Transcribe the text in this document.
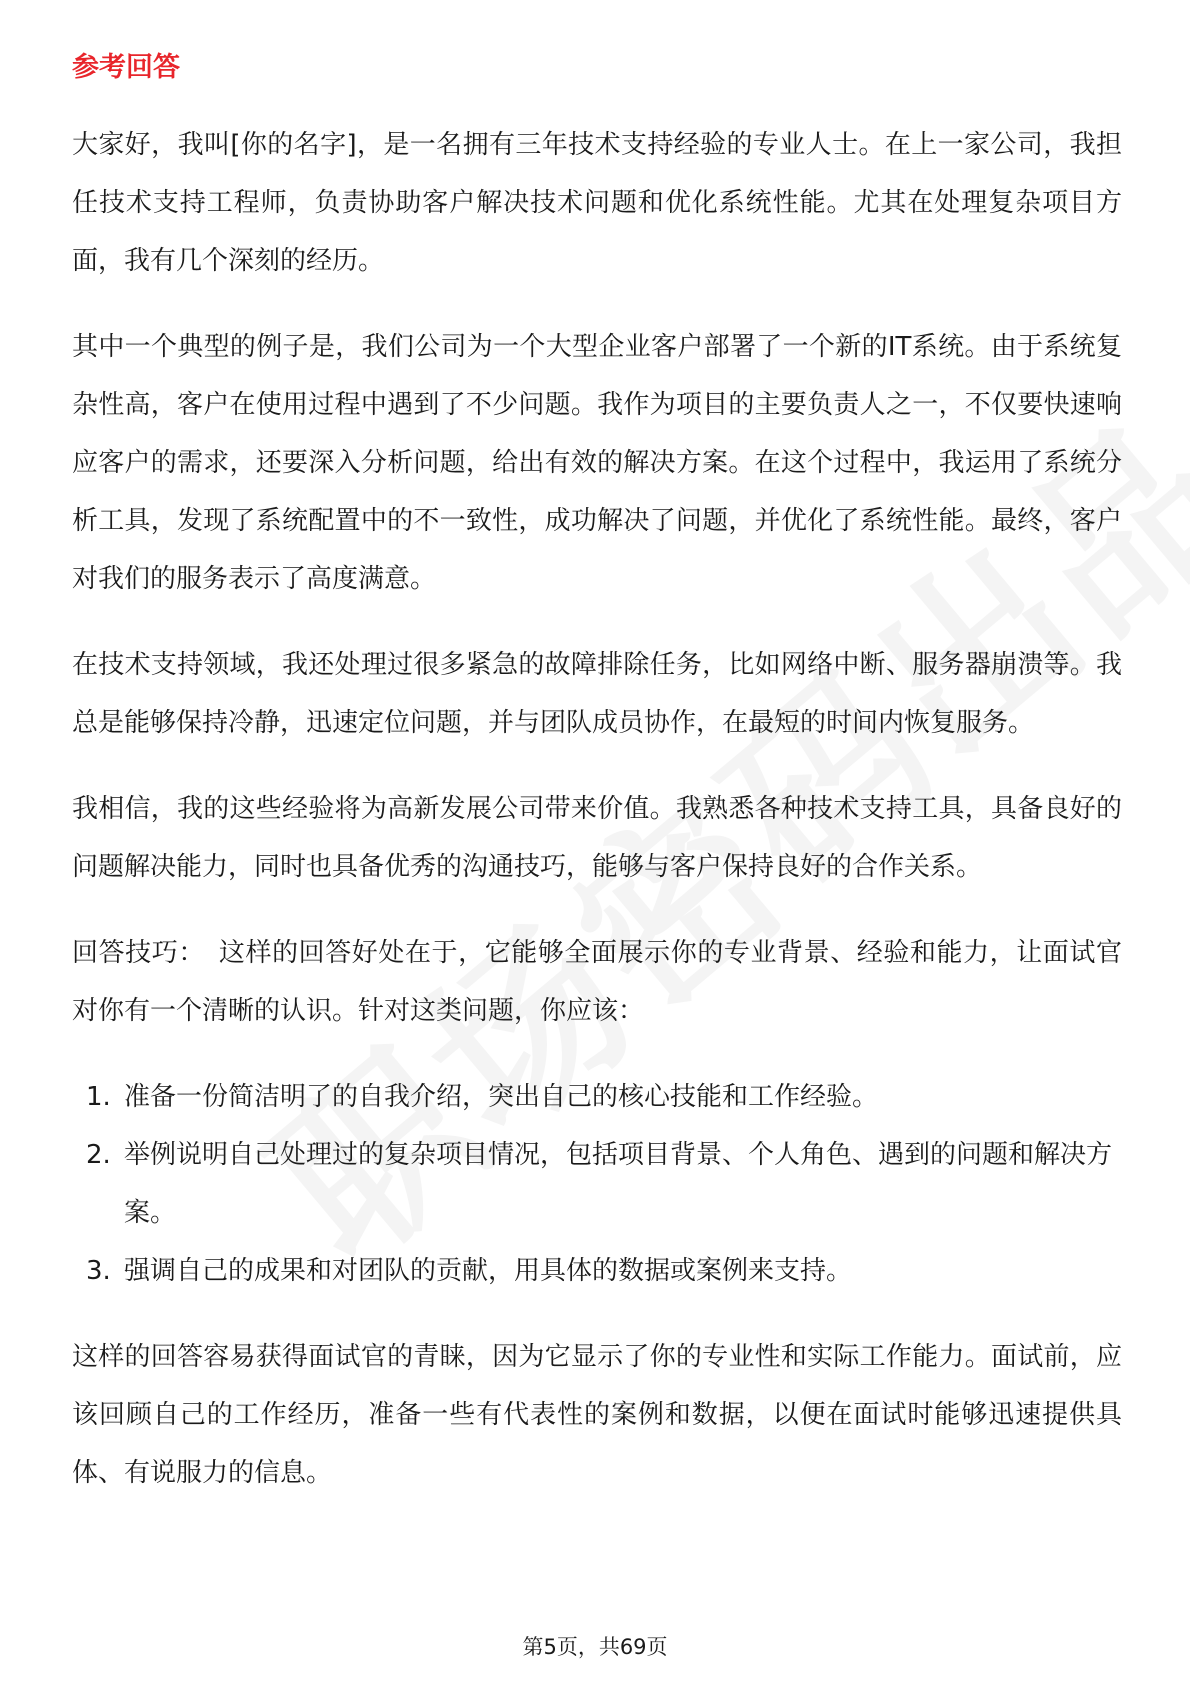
参考回答

大家好，我叫[你的名字]，是一名拥有三年技术支持经验的专业人士。在上一家公司，我担任技术支持工程师，负责协助客户解决技术问题和优化系统性能。尤其在处理复杂项目方面，我有几个深刻的经历。

其中一个典型的例子是，我们公司为一个大型企业客户部署了一个新的IT系统。由于系统复杂性高，客户在使用过程中遇到了不少问题。我作为项目的主要负责人之一，不仅要快速响应客户的需求，还要深入分析问题，给出有效的解决方案。在这个过程中，我运用了系统分析工具，发现了系统配置中的不一致性，成功解决了问题，并优化了系统性能。最终，客户对我们的服务表示了高度满意。

在技术支持领域，我还处理过很多紧急的故障排除任务，比如网络中断、服务器崩溃等。我总是能够保持冷静，迅速定位问题，并与团队成员协作，在最短的时间内恢复服务。

我相信，我的这些经验将为高新发展公司带来价值。我熟悉各种技术支持工具，具备良好的问题解决能力，同时也具备优秀的沟通技巧，能够与客户保持良好的合作关系。

回答技巧： 这样的回答好处在于，它能够全面展示你的专业背景、经验和能力，让面试官对你有一个清晰的认识。针对这类问题，你应该：

1. 准备一份简洁明了的自我介绍，突出自己的核心技能和工作经验。
2. 举例说明自己处理过的复杂项目情况，包括项目背景、个人角色、遇到的问题和解决方案。
3. 强调自己的成果和对团队的贡献，用具体的数据或案例来支持。

这样的回答容易获得面试官的青睐，因为它显示了你的专业性和实际工作能力。面试前，应该回顾自己的工作经历，准备一些有代表性的案例和数据，以便在面试时能够迅速提供具体、有说服力的信息。

第5页，共69页
